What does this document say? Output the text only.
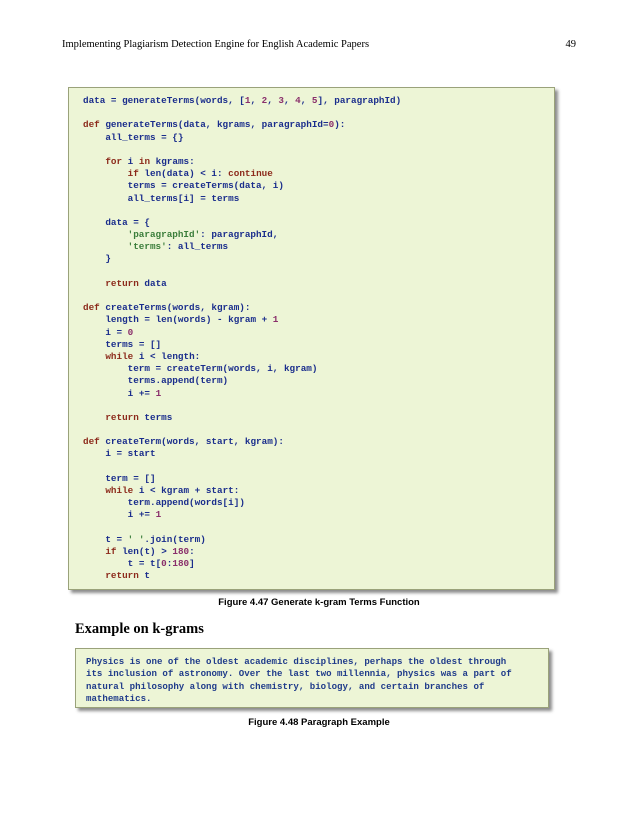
Implementing Plagiarism Detection Engine for English Academic Papers	49
data = generateTerms(words, [1, 2, 3, 4, 5], paragraphId)

def generateTerms(data, kgrams, paragraphId=0):
all_terms = {}

for i in kgrams:
if len(data) < i: continue
terms = createTerms(data, i)
all_terms[i] = terms

data = {
'paragraphId': paragraphId,
'terms': all_terms
}

return data

def createTerms(words, kgram):
length = len(words) - kgram + 1
i = 0
terms = []
while i < length:
term = createTerm(words, i, kgram)
terms.append(term)
i += 1

return terms

def createTerm(words, start, kgram):
i = start

term = []
while i < kgram + start:
term.append(words[i])
i += 1

t = ' '.join(term)
if len(t) > 180:
t = t[0:180]
return t
Figure 4.47 Generate k-gram Terms Function
Example on k-grams
Physics is one of the oldest academic disciplines, perhaps the oldest through
its inclusion of astronomy. Over the last two millennia, physics was a part of
natural philosophy along with chemistry, biology, and certain branches of
mathematics.
Figure 4.48 Paragraph Example
